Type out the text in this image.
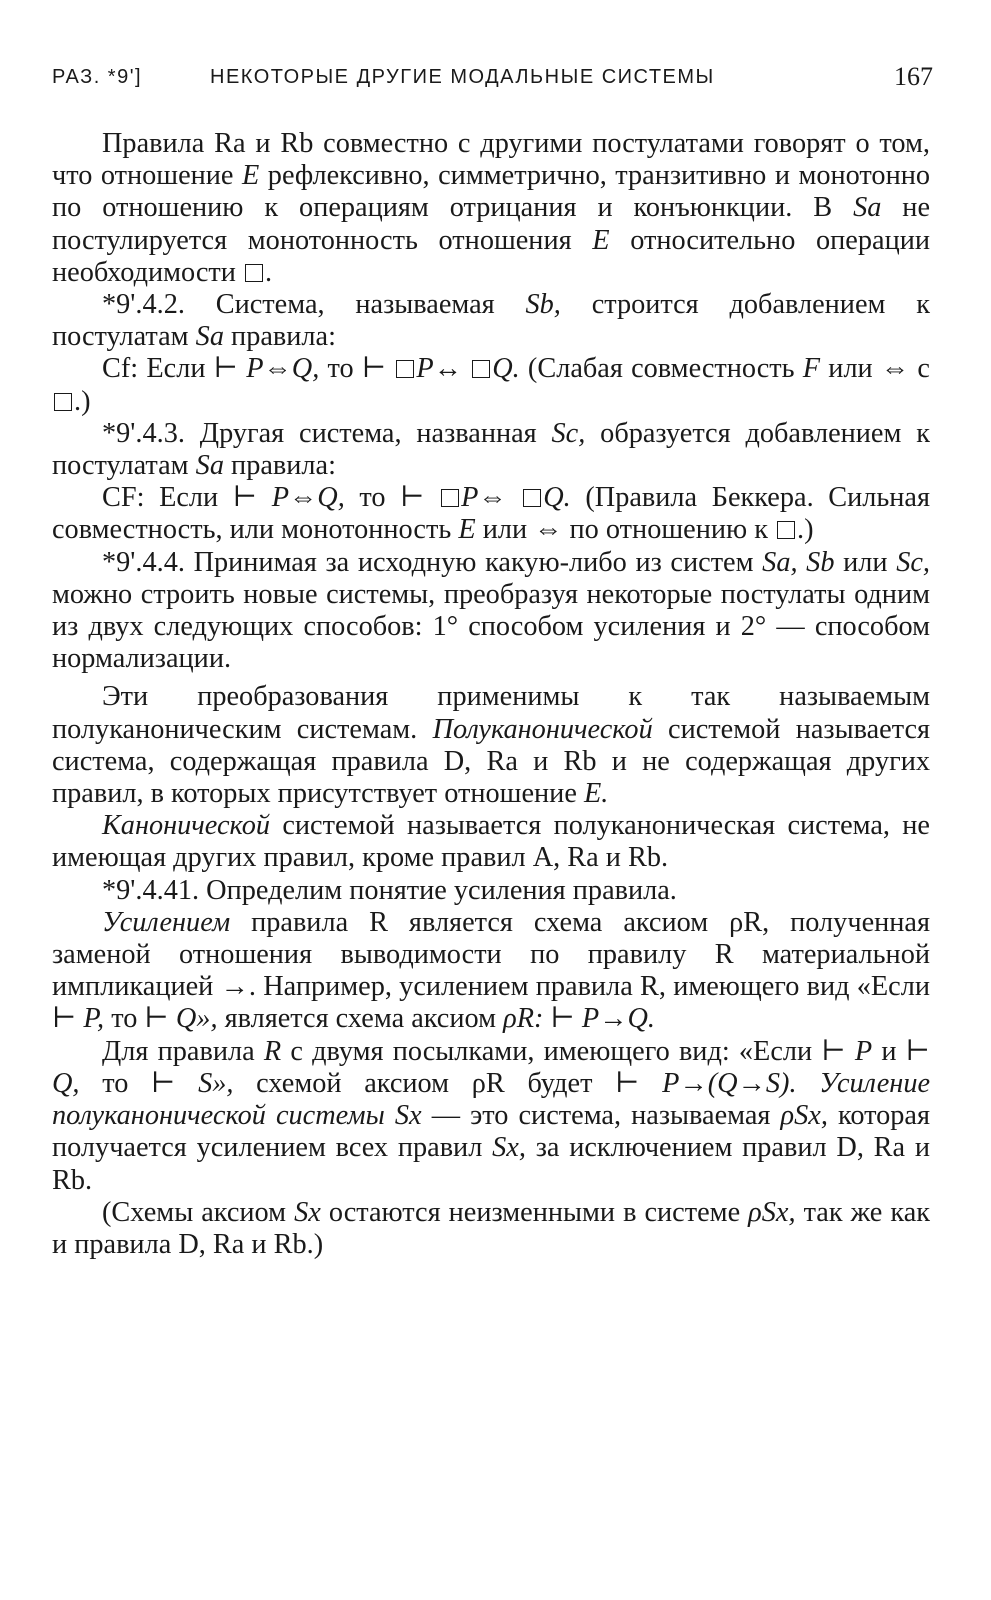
РАЗ. *9']	НЕКОТОРЫЕ ДРУГИЕ МОДАЛЬНЫЕ СИСТЕМЫ	167

Правила Ra и Rb совместно с другими постулатами говорят о том, что отношение E рефлексивно, симметрично, транзитивно и монотонно по отношению к операциям отрицания и конъюнкции. В Sa не постулируется монотонность отношения E относительно операции необходимости .

*9'.4.2. Система, называемая Sb, строится добавлением к постулатам Sa правила:

Cf: Если ⊢ P⇔Q, то ⊢ P↔ Q. (Слабая совместность F или ⇔ с .)

*9'.4.3. Другая система, названная Sc, образуется добавлением к постулатам Sa правила:

CF: Если ⊢ P⇔Q, то ⊢ P⇔ Q. (Правила Беккера. Сильная совместность, или монотонность E или ⇔ по отношению к .)

*9'.4.4. Принимая за исходную какую-либо из систем Sa, Sb или Sc, можно строить новые системы, преобразуя некоторые постулаты одним из двух следующих способов: 1° способом усиления и 2° — способом нормализации.

Эти преобразования применимы к так называемым полуканоническим системам. Полуканонической системой называется система, содержащая правила D, Ra и Rb и не содержащая других правил, в которых присутствует отношение E.

Канонической системой называется полуканоническая система, не имеющая других правил, кроме правил A, Ra и Rb.

*9'.4.41. Определим понятие усиления правила.

Усилением правила R является схема аксиом ρR, полученная заменой отношения выводимости по правилу R материальной импликацией →. Например, усилением правила R, имеющего вид «Если ⊢ P, то ⊢ Q», является схема аксиом ρR: ⊢ P→Q.

Для правила R с двумя посылками, имеющего вид: «Если ⊢ P и ⊢ Q, то ⊢ S», схемой аксиом ρR будет ⊢ P→(Q→S). Усиление полуканонической системы Sx — это система, называемая ρSx, которая получается усилением всех правил Sx, за исключением правил D, Ra и Rb.

(Схемы аксиом Sx остаются неизменными в системе ρSx, так же как и правила D, Ra и Rb.)
